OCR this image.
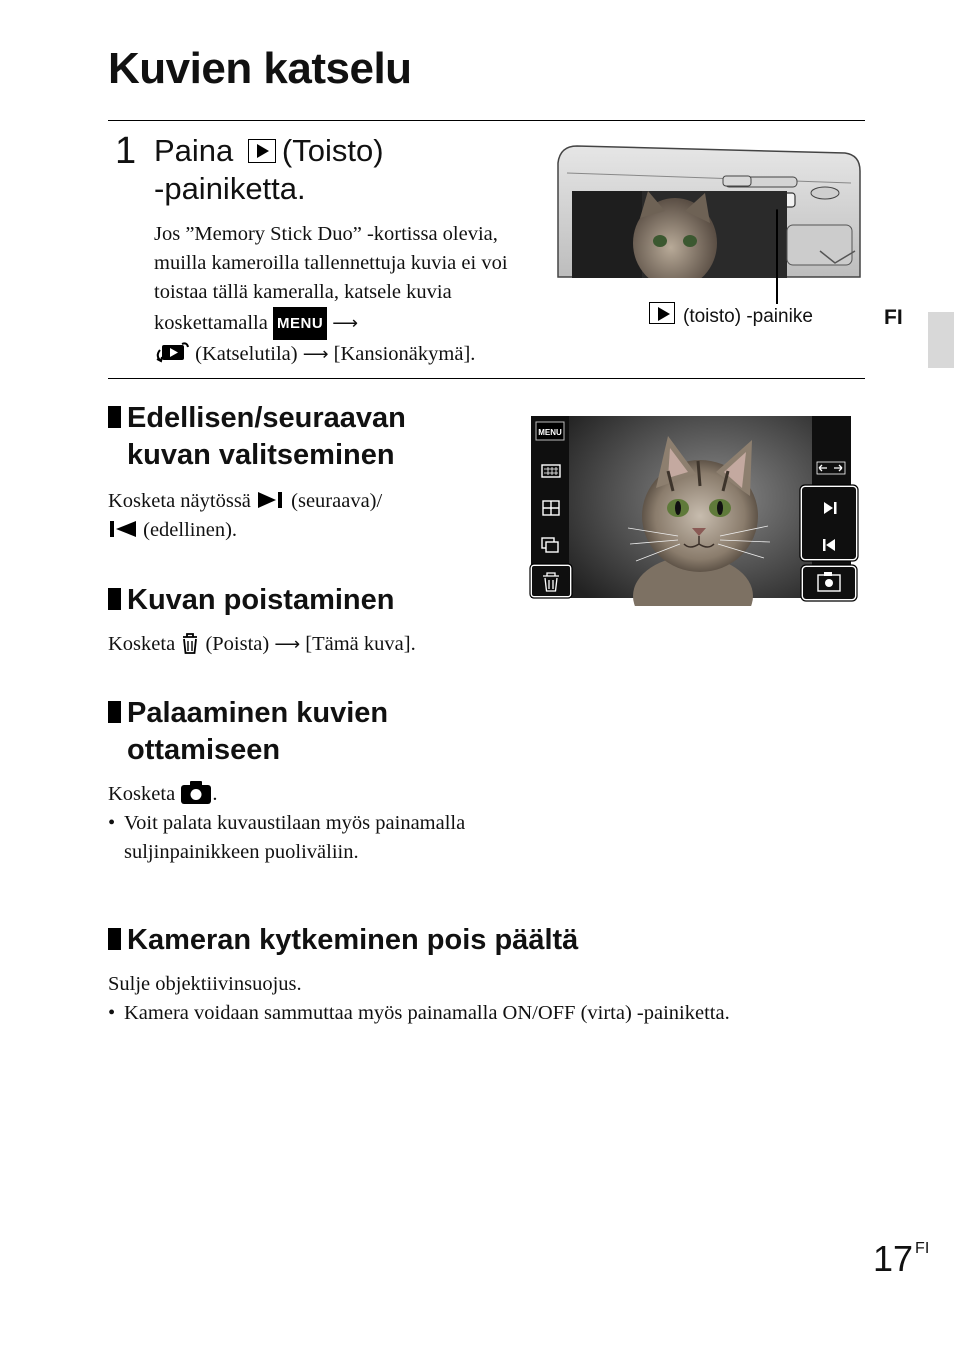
Kuvien katselu
1 Paina (Toisto)
-painiketta.
Jos ”Memory Stick Duo” -kortissa olevia, muilla kameroilla tallennettuja kuvia ei voi toistaa tällä kameralla, katsele kuvia koskettamalla MENU ⟶
(Katselutila) ⟶ [Kansionäkymä].
(toisto) -painike
Edellisen/seuraavan
kuvan valitseminen
Kosketa näytössä (seuraava)/
(edellinen).
MENU
Kuvan poistaminen
Kosketa (Poista) ⟶ [Tämä kuva].
Palaaminen kuvien
ottamiseen
Kosketa .
• Voit palata kuvaustilaan myös painamalla suljinpainikkeen puoliväliin.
Kameran kytkeminen pois päältä
Sulje objektiivinsuojus.
• Kamera voidaan sammuttaa myös painamalla ON/OFF (virta) -painiketta.
FI
17 $^{FI}$
